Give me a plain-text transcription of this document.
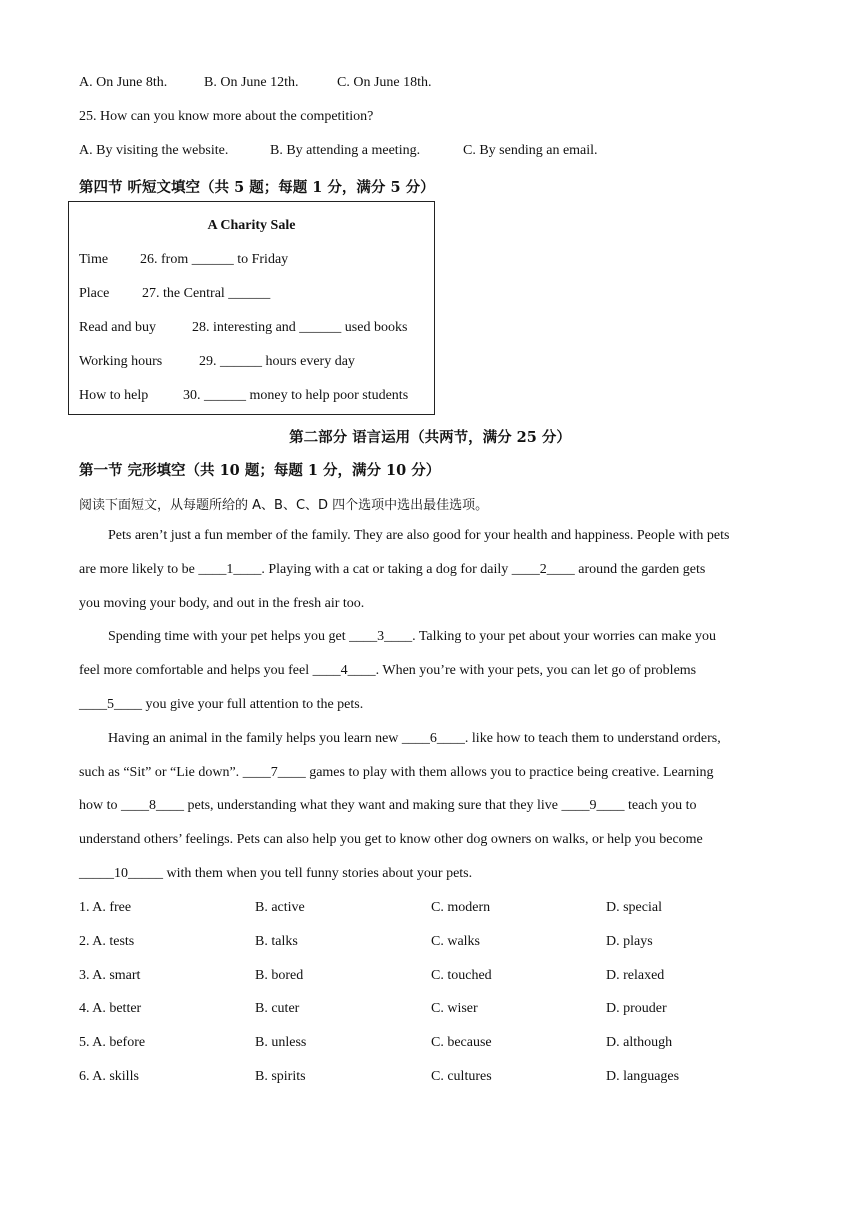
A. On June 8th.	B. On June 12th.	C. On June 18th.
25. How can you know more about the competition?
A. By visiting the website.	B. By attending a meeting.	C. By sending an email.
第四节 听短文填空（共 5 题；每题 1 分，满分 5 分）
A Charity Sale
Time 26. from ______ to Friday
Place 27. the Central ______
Read and buy	28. interesting and ______ used books
Working hours	29. ______ hours every day
How to help 30. ______ money to help poor students
第二部分 语言运用（共两节，满分 25 分）
第一节 完形填空（共 10 题；每题 1 分，满分 10 分）
阅读下面短文，从每题所给的 A、B、C、D 四个选项中选出最佳选项。
Pets aren’t just a fun member of the family. They are also good for your health and happiness. People with pets
are more likely to be ____1____. Playing with a cat or taking a dog for daily ____2____ around the garden gets
you moving your body, and out in the fresh air too.
Spending time with your pet helps you get ____3____. Talking to your pet about your worries can make you
feel more comfortable and helps you feel ____4____. When you’re with your pets, you can let go of problems
____5____ you give your full attention to the pets.
Having an animal in the family helps you learn new ____6____. like how to teach them to understand orders,
such as “Sit” or “Lie down”. ____7____ games to play with them allows you to practice being creative. Learning
how to ____8____ pets, understanding what they want and making sure that they live ____9____ teach you to
understand others’ feelings. Pets can also help you get to know other dog owners on walks, or help you become
_____10_____ with them when you tell funny stories about your pets.
1. A. free	B. active	C. modern	D. special
2. A. tests	B. talks	C. walks	D. plays
3. A. smart	B. bored	C. touched	D. relaxed
4. A. better	B. cuter	C. wiser	D. prouder
5. A. before	B. unless	C. because	D. although
6. A. skills	B. spirits	C. cultures	D. languages
